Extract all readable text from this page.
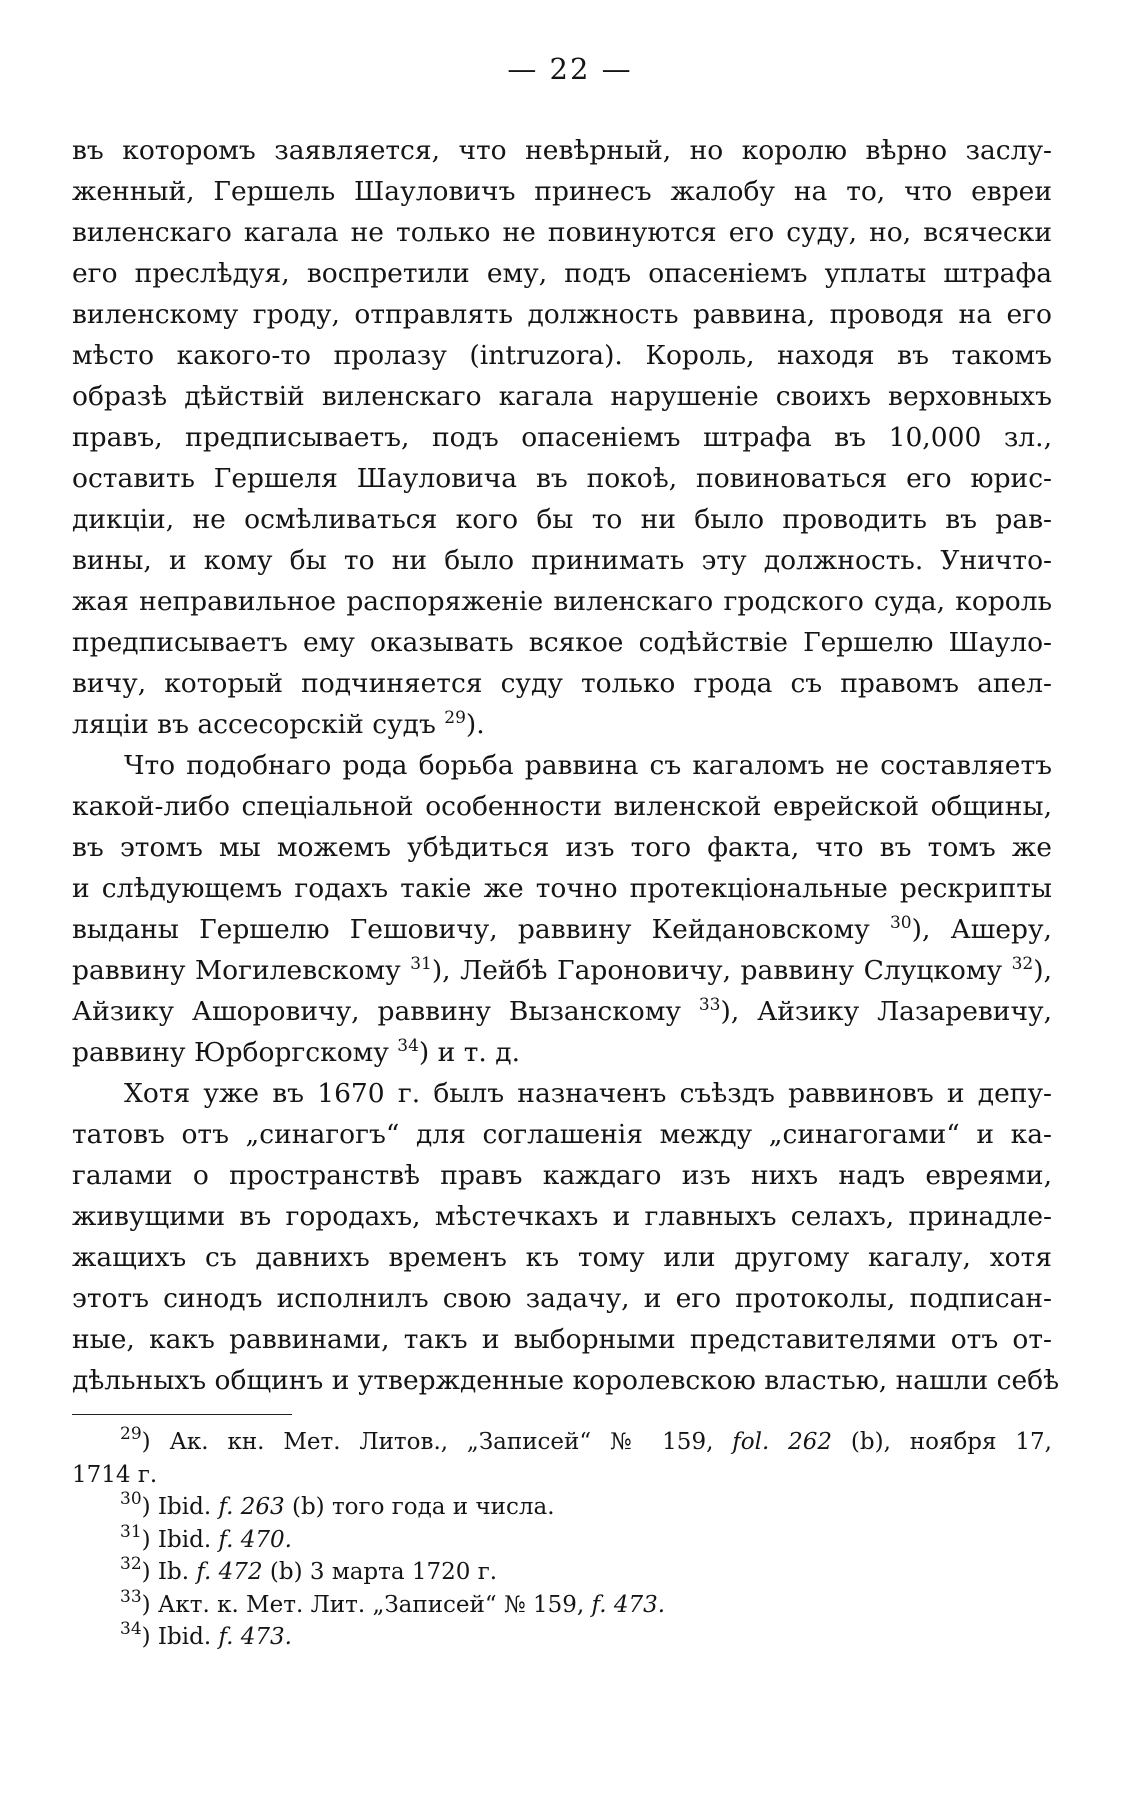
— 22 —
въ которомъ заявляется, что невѣрный, но королю вѣрно заслу-
женный, Гершель Шауловичъ принесъ жалобу на то, что евреи
виленскаго кагала не только не повинуются его суду, но, всячески
его преслѣдуя, воспретили ему, подъ опасеніемъ уплаты штрафа
виленскому гроду, отправлять должность раввина, проводя на его
мѣсто какого-то пролазу (intruzora). Король, находя въ такомъ
образѣ дѣйствій виленскаго кагала нарушеніе своихъ верховныхъ
правъ, предписываетъ, подъ опасеніемъ штрафа въ 10,000 зл.,
оставить Гершеля Шауловича въ покоѣ, повиноваться его юрис-
дикціи, не осмѣливаться кого бы то ни было проводить въ рав-
вины, и кому бы то ни было принимать эту должность. Уничто-
жая неправильное распоряженіе виленскаго гродского суда, король
предписываетъ ему оказывать всякое содѣйствіе Гершелю Шауло-
вичу, который подчиняется суду только грода съ правомъ апел-
ляціи въ ассесорскій судъ $^{29}$).
Что подобнаго рода борьба раввина съ кагаломъ не составляетъ
какой-либо спеціальной особенности виленской еврейской общины,
въ этомъ мы можемъ убѣдиться изъ того факта, что въ томъ же
и слѣдующемъ годахъ такіе же точно протекціональные рескрипты
выданы Гершелю Гешовичу, раввину Кейдановскому $^{30}$), Ашеру,
раввину Могилевскому $^{31}$), Лейбѣ Гароновичу, раввину Слуцкому $^{32}$),
Айзику Ашоровичу, раввину Вызанскому $^{33}$), Айзику Лазаревичу,
раввину Юрборгскому $^{34}$) и т. д.
Хотя уже въ 1670 г. былъ назначенъ съѣздъ раввиновъ и депу-
татовъ отъ „синагогъ“ для соглашенія между „синагогами“ и ка-
галами о пространствѣ правъ каждаго изъ нихъ надъ евреями,
живущими въ городахъ, мѣстечкахъ и главныхъ селахъ, принадле-
жащихъ съ давнихъ временъ къ тому или другому кагалу, хотя
этотъ синодъ исполнилъ свою задачу, и его протоколы, подписан-
ные, какъ раввинами, такъ и выборными представителями отъ от-
дѣльныхъ общинъ и утвержденные королевскою властью, нашли себѣ
$^{29}$) Ак. кн. Мет. Литов., „Записей“ № 159, fol. 262 (b), ноября 17,
1714 г.
$^{30}$) Ibid. f. 263 (b) того года и числа.
$^{31}$) Ibid. f. 470.
$^{32}$) Ib. f. 472 (b) 3 марта 1720 г.
$^{33}$) Акт. к. Мет. Лит. „Записей“ № 159, f. 473.
$^{34}$) Ibid. f. 473.
